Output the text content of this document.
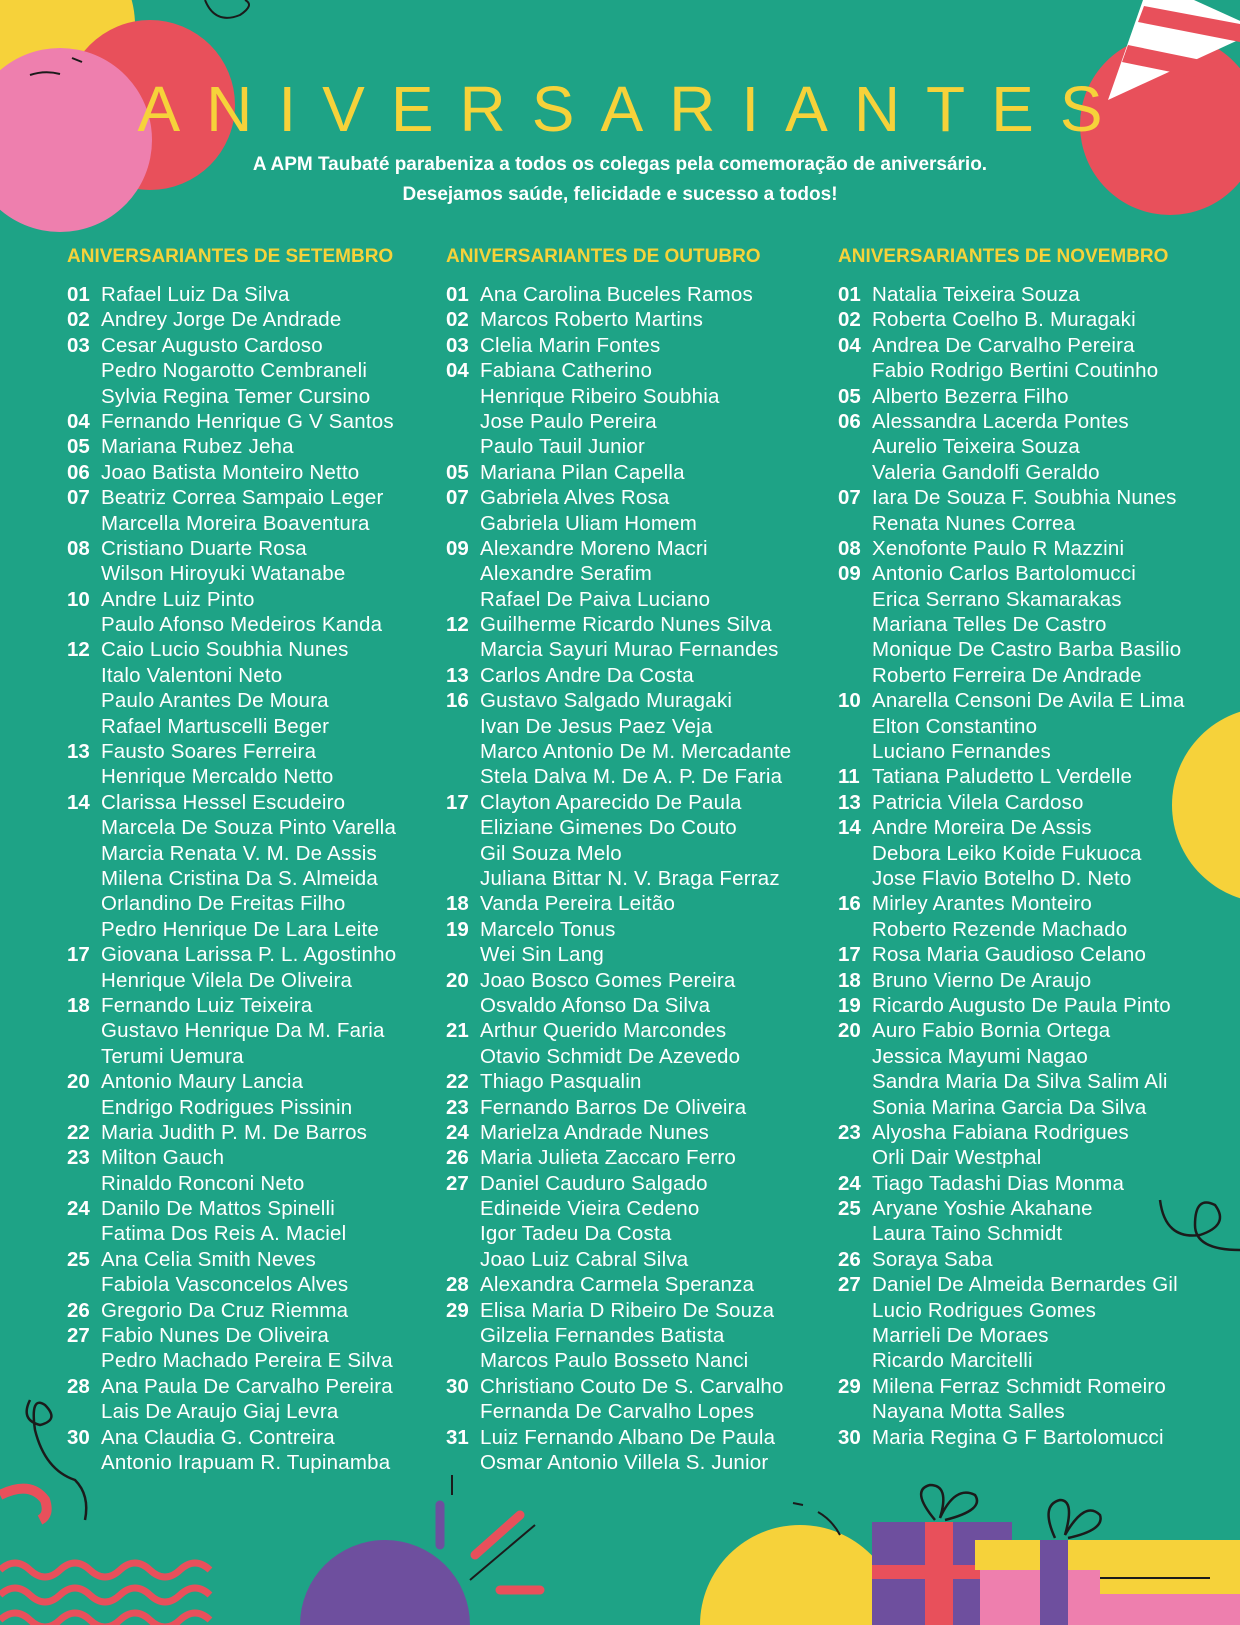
ANIVERSARIANTES
A APM Taubaté parabeniza a todos os colegas pela comemoração de aniversário.
Desejamos saúde, felicidade e sucesso a todos!
ANIVERSARIANTES DE SETEMBRO
01 Rafael Luiz Da Silva
02 Andrey Jorge De Andrade
03 Cesar Augusto Cardoso
Pedro Nogarotto Cembraneli
Sylvia Regina Temer Cursino
04 Fernando Henrique G V Santos
05 Mariana Rubez Jeha
06 Joao Batista Monteiro Netto
07 Beatriz Correa Sampaio Leger
Marcella Moreira Boaventura
08 Cristiano Duarte Rosa
Wilson Hiroyuki Watanabe
10 Andre Luiz Pinto
Paulo Afonso Medeiros Kanda
12 Caio Lucio Soubhia Nunes
Italo Valentoni Neto
Paulo Arantes De Moura
Rafael Martuscelli Beger
13 Fausto Soares Ferreira
Henrique Mercaldo Netto
14 Clarissa Hessel Escudeiro
Marcela De Souza Pinto Varella
Marcia Renata V. M. De Assis
Milena Cristina Da S. Almeida
Orlandino De Freitas Filho
Pedro Henrique De Lara Leite
17 Giovana Larissa P. L. Agostinho
Henrique Vilela De Oliveira
18 Fernando Luiz Teixeira
Gustavo Henrique Da M. Faria
Terumi Uemura
20 Antonio Maury Lancia
Endrigo Rodrigues Pissinin
22 Maria Judith P. M. De Barros
23 Milton Gauch
Rinaldo Ronconi Neto
24 Danilo De Mattos Spinelli
Fatima Dos Reis A. Maciel
25 Ana Celia Smith Neves
Fabiola Vasconcelos Alves
26 Gregorio Da Cruz Riemma
27 Fabio Nunes De Oliveira
Pedro Machado Pereira E Silva
28 Ana Paula De Carvalho Pereira
Lais De Araujo Giaj Levra
30 Ana Claudia G. Contreira
Antonio Irapuam R. Tupinamba
ANIVERSARIANTES DE OUTUBRO
01 Ana Carolina Buceles Ramos
02 Marcos Roberto Martins
03 Clelia Marin Fontes
04 Fabiana Catherino
Henrique Ribeiro Soubhia
Jose Paulo Pereira
Paulo Tauil Junior
05 Mariana Pilan Capella
07 Gabriela Alves Rosa
Gabriela Uliam Homem
09 Alexandre Moreno Macri
Alexandre Serafim
Rafael De Paiva Luciano
12 Guilherme Ricardo Nunes Silva
Marcia Sayuri Murao Fernandes
13 Carlos Andre Da Costa
16 Gustavo Salgado Muragaki
Ivan De Jesus Paez Veja
Marco Antonio De M. Mercadante
Stela Dalva M. De A. P. De Faria
17 Clayton Aparecido De Paula
Eliziane Gimenes Do Couto
Gil Souza Melo
Juliana Bittar N. V. Braga Ferraz
18 Vanda Pereira Leitão
19 Marcelo Tonus
Wei Sin Lang
20 Joao Bosco Gomes Pereira
Osvaldo Afonso Da Silva
21 Arthur Querido Marcondes
Otavio Schmidt De Azevedo
22 Thiago Pasqualin
23 Fernando Barros De Oliveira
24 Marielza Andrade Nunes
26 Maria Julieta Zaccaro Ferro
27 Daniel Cauduro Salgado
Edineide Vieira Cedeno
Igor Tadeu Da Costa
Joao Luiz Cabral Silva
28 Alexandra Carmela Speranza
29 Elisa Maria D Ribeiro De Souza
Gilzelia Fernandes Batista
Marcos Paulo Bosseto Nanci
30 Christiano Couto De S. Carvalho
Fernanda De Carvalho Lopes
31 Luiz Fernando Albano De Paula
Osmar Antonio Villela S. Junior
ANIVERSARIANTES DE NOVEMBRO
01 Natalia Teixeira Souza
02 Roberta Coelho B. Muragaki
04 Andrea De Carvalho Pereira
Fabio Rodrigo Bertini Coutinho
05 Alberto Bezerra Filho
06 Alessandra Lacerda Pontes
Aurelio Teixeira Souza
Valeria Gandolfi Geraldo
07 Iara De Souza F. Soubhia Nunes
Renata Nunes Correa
08 Xenofonte Paulo R Mazzini
09 Antonio Carlos Bartolomucci
Erica Serrano Skamarakas
Mariana Telles De Castro
Monique De Castro Barba Basilio
Roberto Ferreira De Andrade
10 Anarella Censoni De Avila E Lima
Elton Constantino
Luciano Fernandes
11 Tatiana Paludetto L Verdelle
13 Patricia Vilela Cardoso
14 Andre Moreira De Assis
Debora Leiko Koide Fukuoca
Jose Flavio Botelho D. Neto
16 Mirley Arantes Monteiro
Roberto Rezende Machado
17 Rosa Maria Gaudioso Celano
18 Bruno Vierno De Araujo
19 Ricardo Augusto De Paula Pinto
20 Auro Fabio Bornia Ortega
Jessica Mayumi Nagao
Sandra Maria Da Silva Salim Ali
Sonia Marina Garcia Da Silva
23 Alyosha Fabiana Rodrigues
Orli Dair Westphal
24 Tiago Tadashi Dias Monma
25 Aryane Yoshie Akahane
Laura Taino Schmidt
26 Soraya Saba
27 Daniel De Almeida Bernardes Gil
Lucio Rodrigues Gomes
Marrieli De Moraes
Ricardo Marcitelli
29 Milena Ferraz Schmidt Romeiro
Nayana Motta Salles
30 Maria Regina G F Bartolomucci
